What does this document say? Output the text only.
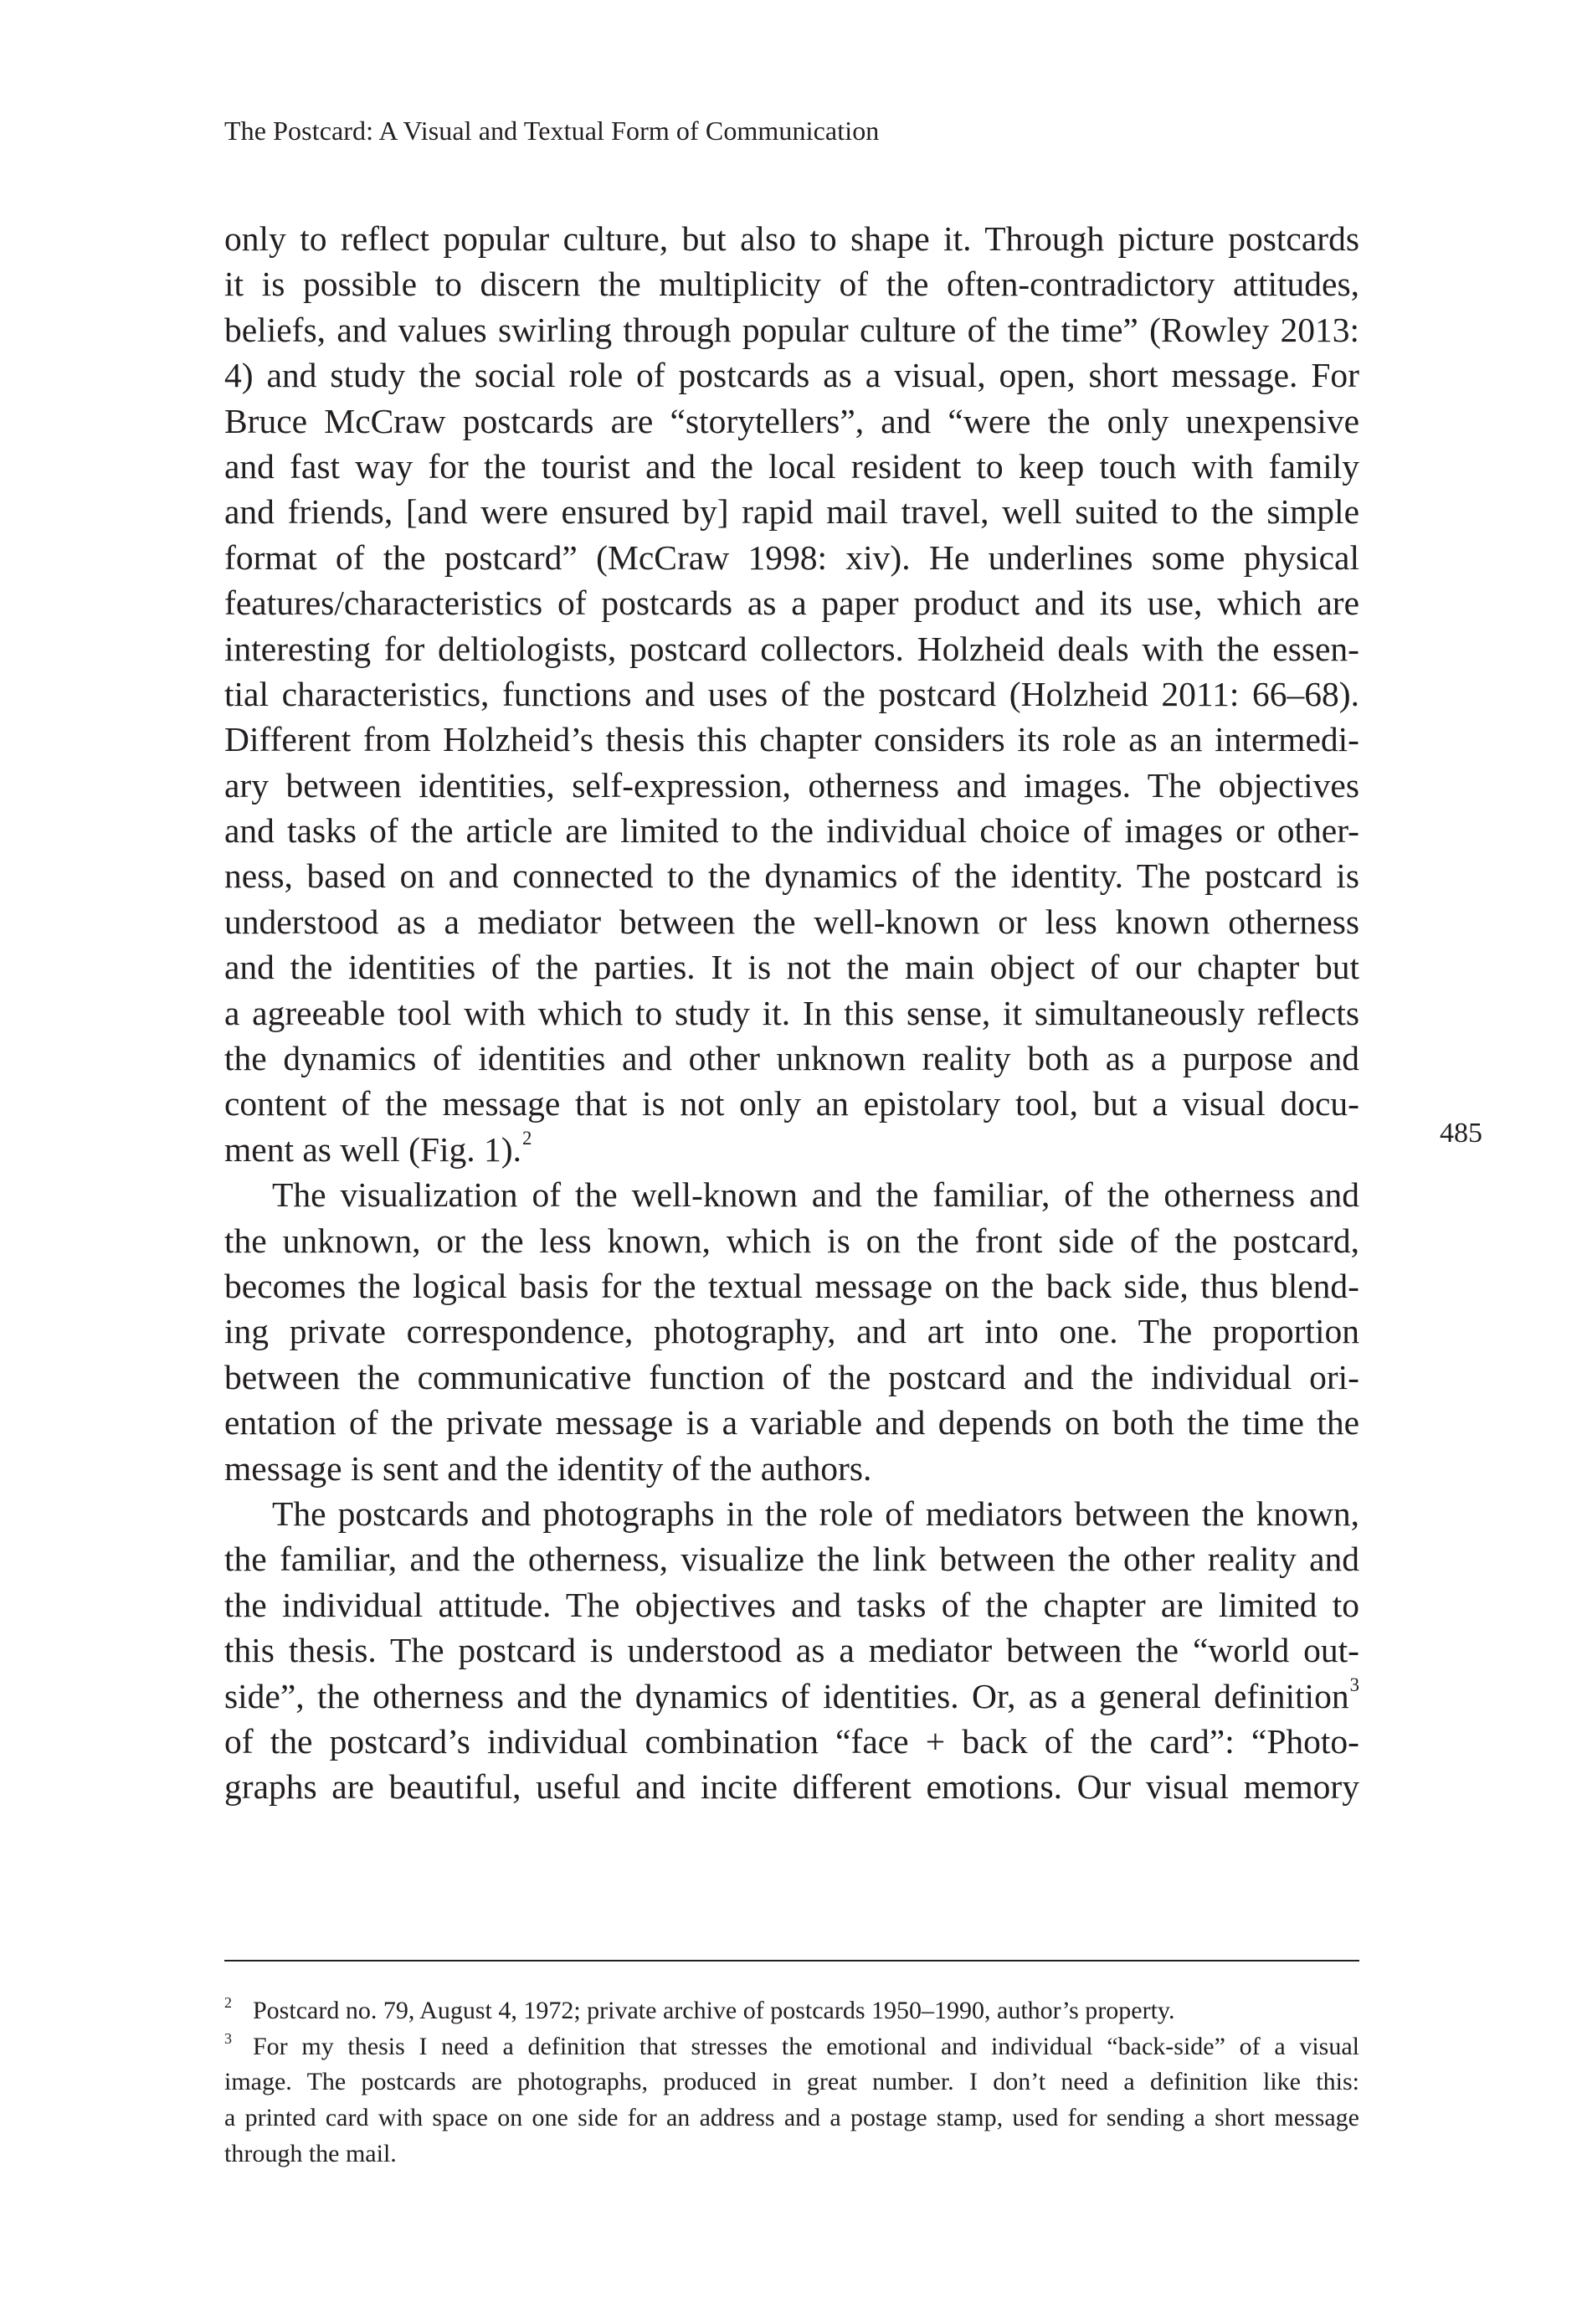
The Postcard: A Visual and Textual Form of Communication
only to reflect popular culture, but also to shape it. Through picture postcards
it is possible to discern the multiplicity of the often-contradictory attitudes,
beliefs, and values swirling through popular culture of the time” (Rowley 2013:
4) and study the social role of postcards as a visual, open, short message. For
Bruce McCraw postcards are “storytellers”, and “were the only unexpensive
and fast way for the tourist and the local resident to keep touch with family
and friends, [and were ensured by] rapid mail travel, well suited to the simple
format of the postcard” (McCraw 1998: xiv). He underlines some physical
features/characteristics of postcards as a paper product and its use, which are
interesting for deltiologists, postcard collectors. Holzheid deals with the essen-
tial characteristics, functions and uses of the postcard (Holzheid 2011: 66–68).
Different from Holzheid’s thesis this chapter considers its role as an intermedi-
ary between identities, self-expression, otherness and images. The objectives
and tasks of the article are limited to the individual choice of images or other-
ness, based on and connected to the dynamics of the identity. The postcard is
understood as a mediator between the well-known or less known otherness
and the identities of the parties. It is not the main object of our chapter but
a agreeable tool with which to study it. In this sense, it simultaneously reflects
the dynamics of identities and other unknown reality both as a purpose and
content of the message that is not only an epistolary tool, but a visual docu-
ment as well (Fig. 1).$^2$
The visualization of the well-known and the familiar, of the otherness and
the unknown, or the less known, which is on the front side of the postcard,
becomes the logical basis for the textual message on the back side, thus blend-
ing private correspondence, photography, and art into one. The proportion
between the communicative function of the postcard and the individual ori-
entation of the private message is a variable and depends on both the time the
message is sent and the identity of the authors.
The postcards and photographs in the role of mediators between the known,
the familiar, and the otherness, visualize the link between the other reality and
the individual attitude. The objectives and tasks of the chapter are limited to
this thesis. The postcard is understood as a mediator between the “world out-
side”, the otherness and the dynamics of identities. Or, as a general definition$^3$
of the postcard’s individual combination “face + back of the card”: “Photo-
graphs are beautiful, useful and incite different emotions. Our visual memory
485
2 Postcard no. 79, August 4, 1972; private archive of postcards 1950–1990, author’s property.
3 For my thesis I need a definition that stresses the emotional and individual “back-side” of a visual
image. The postcards are photographs, produced in great number. I don’t need a definition like this:
a printed card with space on one side for an address and a postage stamp, used for sending a short message
through the mail.
